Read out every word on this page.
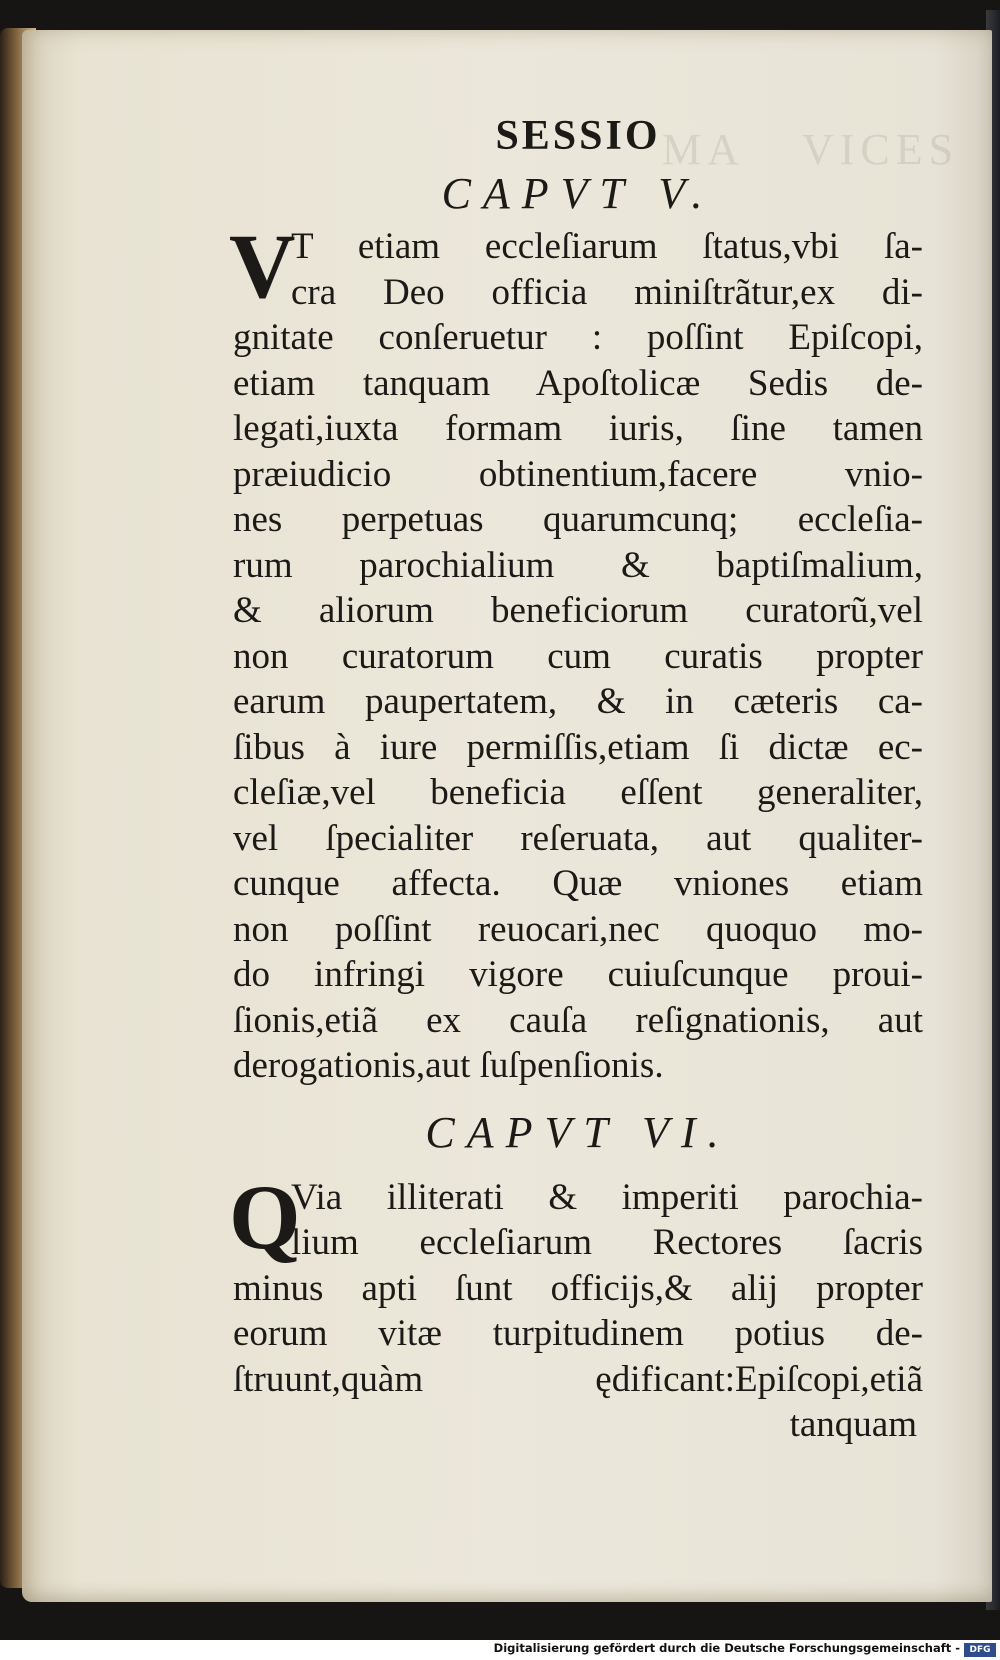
VICES
MA
SESSIO
CAPVT V.
V
T etiam eccleſiarum ſtatus,vbi ſa-
cra Deo officia miniſtrãtur,ex di-
gnitate conſeruetur : poſſint Epiſcopi,
etiam tanquam Apoſtolicæ Sedis de-
legati,iuxta formam iuris, ſine tamen
præiudicio obtinentium,facere vnio-
nes perpetuas quarumcunq; eccleſia-
rum parochialium & baptiſmalium,
& aliorum beneficiorum curatorũ,vel
non curatorum cum curatis propter
earum paupertatem, & in cæteris ca-
ſibus à iure permiſſis,etiam ſi dictæ ec-
cleſiæ,vel beneficia eſſent generaliter,
vel ſpecialiter reſeruata, aut qualiter-
cunque affecta. Quæ vniones etiam
non poſſint reuocari,nec quoquo mo-
do infringi vigore cuiuſcunque proui-
ſionis,etiã ex cauſa reſignationis, aut
derogationis,aut ſuſpenſionis.
CAPVT VI.
Q
Via illiterati & imperiti parochia-
lium eccleſiarum Rectores ſacris
minus apti ſunt officijs,& alij propter
eorum vitæ turpitudinem potius de-
ſtruunt,quàm ędificant:Epiſcopi,etiã
tanquam
Digitalisierung gefördert durch die Deutsche Forschungsgemeinschaft -	DFG
